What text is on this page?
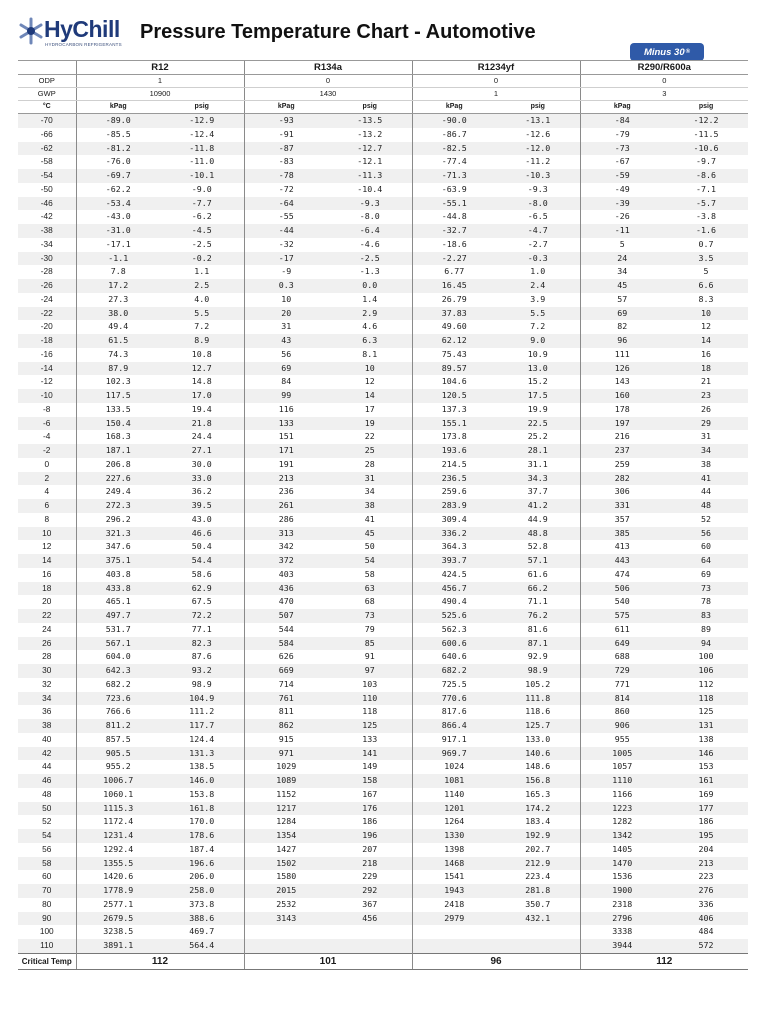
HyChill
HYDROCARBON REFRIGERANTS
Pressure Temperature Chart - Automotive
Minus 30 ®
	R12		R134a		R1234yf		R290/R600a	
ODP	1		0		0		0	
GWP	10900		1430		1		3	
°C	kPag	psig	kPag	psig	kPag	psig	kPag	psig
-70	-89.0	-12.9	-93	-13.5	-90.0	-13.1	-84	-12.2
-66	-85.5	-12.4	-91	-13.2	-86.7	-12.6	-79	-11.5
-62	-81.2	-11.8	-87	-12.7	-82.5	-12.0	-73	-10.6
-58	-76.0	-11.0	-83	-12.1	-77.4	-11.2	-67	-9.7
-54	-69.7	-10.1	-78	-11.3	-71.3	-10.3	-59	-8.6
-50	-62.2	-9.0	-72	-10.4	-63.9	-9.3	-49	-7.1
-46	-53.4	-7.7	-64	-9.3	-55.1	-8.0	-39	-5.7
-42	-43.0	-6.2	-55	-8.0	-44.8	-6.5	-26	-3.8
-38	-31.0	-4.5	-44	-6.4	-32.7	-4.7	-11	-1.6
-34	-17.1	-2.5	-32	-4.6	-18.6	-2.7	5	0.7
-30	-1.1	-0.2	-17	-2.5	-2.27	-0.3	24	3.5
-28	7.8	1.1	-9	-1.3	6.77	1.0	34	5
-26	17.2	2.5	0.3	0.0	16.45	2.4	45	6.6
-24	27.3	4.0	10	1.4	26.79	3.9	57	8.3
-22	38.0	5.5	20	2.9	37.83	5.5	69	10
-20	49.4	7.2	31	4.6	49.60	7.2	82	12
-18	61.5	8.9	43	6.3	62.12	9.0	96	14
-16	74.3	10.8	56	8.1	75.43	10.9	111	16
-14	87.9	12.7	69	10	89.57	13.0	126	18
-12	102.3	14.8	84	12	104.6	15.2	143	21
-10	117.5	17.0	99	14	120.5	17.5	160	23
-8	133.5	19.4	116	17	137.3	19.9	178	26
-6	150.4	21.8	133	19	155.1	22.5	197	29
-4	168.3	24.4	151	22	173.8	25.2	216	31
-2	187.1	27.1	171	25	193.6	28.1	237	34
0	206.8	30.0	191	28	214.5	31.1	259	38
2	227.6	33.0	213	31	236.5	34.3	282	41
4	249.4	36.2	236	34	259.6	37.7	306	44
6	272.3	39.5	261	38	283.9	41.2	331	48
8	296.2	43.0	286	41	309.4	44.9	357	52
10	321.3	46.6	313	45	336.2	48.8	385	56
12	347.6	50.4	342	50	364.3	52.8	413	60
14	375.1	54.4	372	54	393.7	57.1	443	64
16	403.8	58.6	403	58	424.5	61.6	474	69
18	433.8	62.9	436	63	456.7	66.2	506	73
20	465.1	67.5	470	68	490.4	71.1	540	78
22	497.7	72.2	507	73	525.6	76.2	575	83
24	531.7	77.1	544	79	562.3	81.6	611	89
26	567.1	82.3	584	85	600.6	87.1	649	94
28	604.0	87.6	626	91	640.6	92.9	688	100
30	642.3	93.2	669	97	682.2	98.9	729	106
32	682.2	98.9	714	103	725.5	105.2	771	112
34	723.6	104.9	761	110	770.6	111.8	814	118
36	766.6	111.2	811	118	817.6	118.6	860	125
38	811.2	117.7	862	125	866.4	125.7	906	131
40	857.5	124.4	915	133	917.1	133.0	955	138
42	905.5	131.3	971	141	969.7	140.6	1005	146
44	955.2	138.5	1029	149	1024	148.6	1057	153
46	1006.7	146.0	1089	158	1081	156.8	1110	161
48	1060.1	153.8	1152	167	1140	165.3	1166	169
50	1115.3	161.8	1217	176	1201	174.2	1223	177
52	1172.4	170.0	1284	186	1264	183.4	1282	186
54	1231.4	178.6	1354	196	1330	192.9	1342	195
56	1292.4	187.4	1427	207	1398	202.7	1405	204
58	1355.5	196.6	1502	218	1468	212.9	1470	213
60	1420.6	206.0	1580	229	1541	223.4	1536	223
70	1778.9	258.0	2015	292	1943	281.8	1900	276
80	2577.1	373.8	2532	367	2418	350.7	2318	336
90	2679.5	388.6	3143	456	2979	432.1	2796	406
100	3238.5	469.7					3338	484
110	3891.1	564.4					3944	572
Critical Temp	112		101		96		112	
